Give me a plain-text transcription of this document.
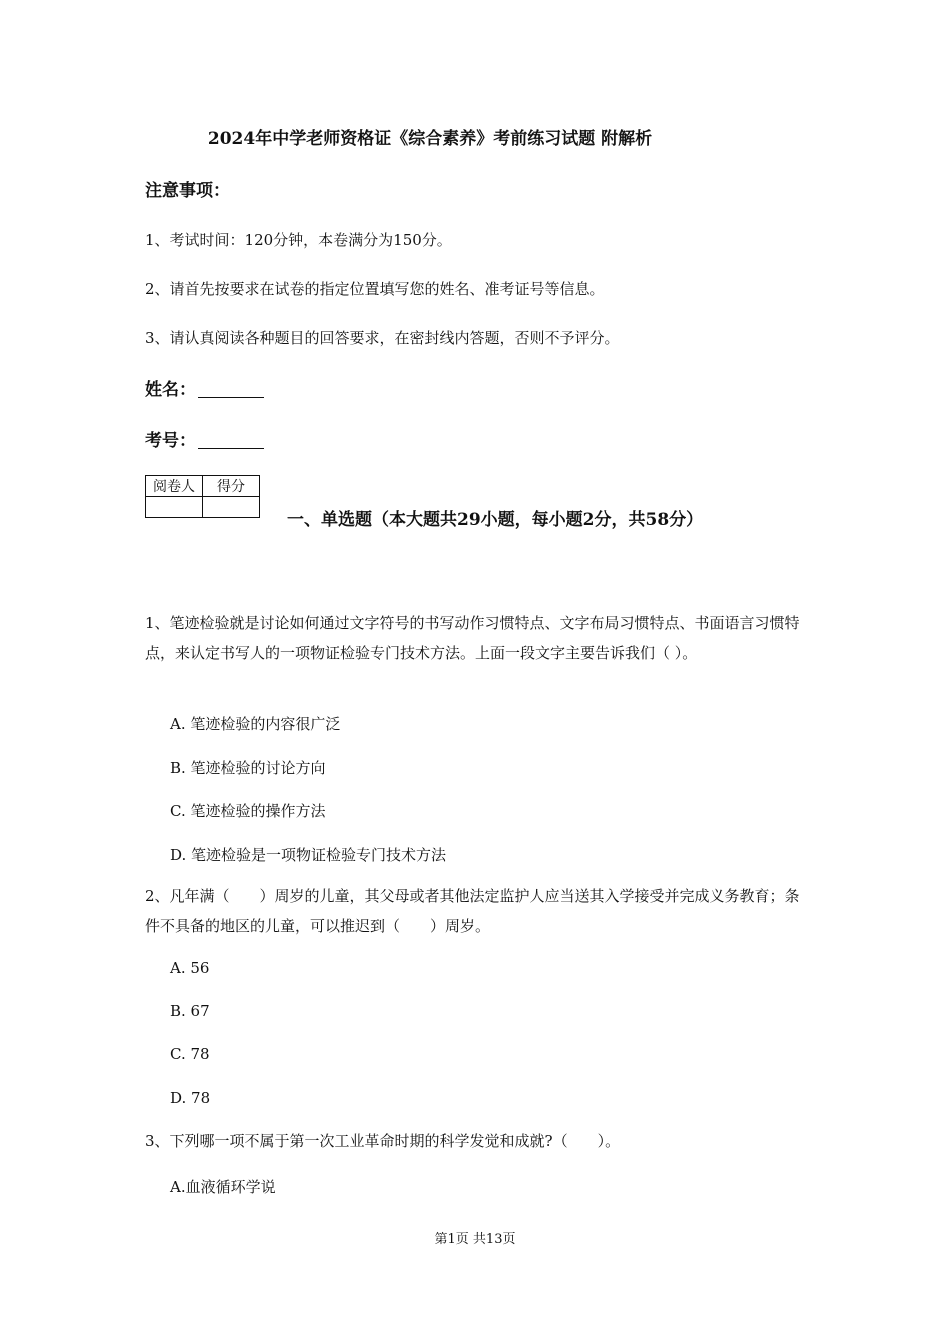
2024年中学老师资格证《综合素养》考前练习试题 附解析
注意事项：
1、考试时间：120分钟，本卷满分为150分。
2、请首先按要求在试卷的指定位置填写您的姓名、准考证号等信息。
3、请认真阅读各种题目的回答要求，在密封线内答题，否则不予评分。
姓名：
考号：
阅卷人	得分

一、单选题（本大题共29小题，每小题2分，共58分）
1、笔迹检验就是讨论如何通过文字符号的书写动作习惯特点、文字布局习惯特点、书面语言习惯特点，来认定书写人的一项物证检验专门技术方法。上面一段文字主要告诉我们（ ）。
A. 笔迹检验的内容很广泛
B. 笔迹检验的讨论方向
C. 笔迹检验的操作方法
D. 笔迹检验是一项物证检验专门技术方法
2、凡年满（　　）周岁的儿童，其父母或者其他法定监护人应当送其入学接受并完成义务教育；条件不具备的地区的儿童，可以推迟到（　　）周岁。
A. 56
B. 67
C. 78
D. 78
3、下列哪一项不属于第一次工业革命时期的科学发觉和成就?（　　）。
A.血液循环学说
第1页 共13页
